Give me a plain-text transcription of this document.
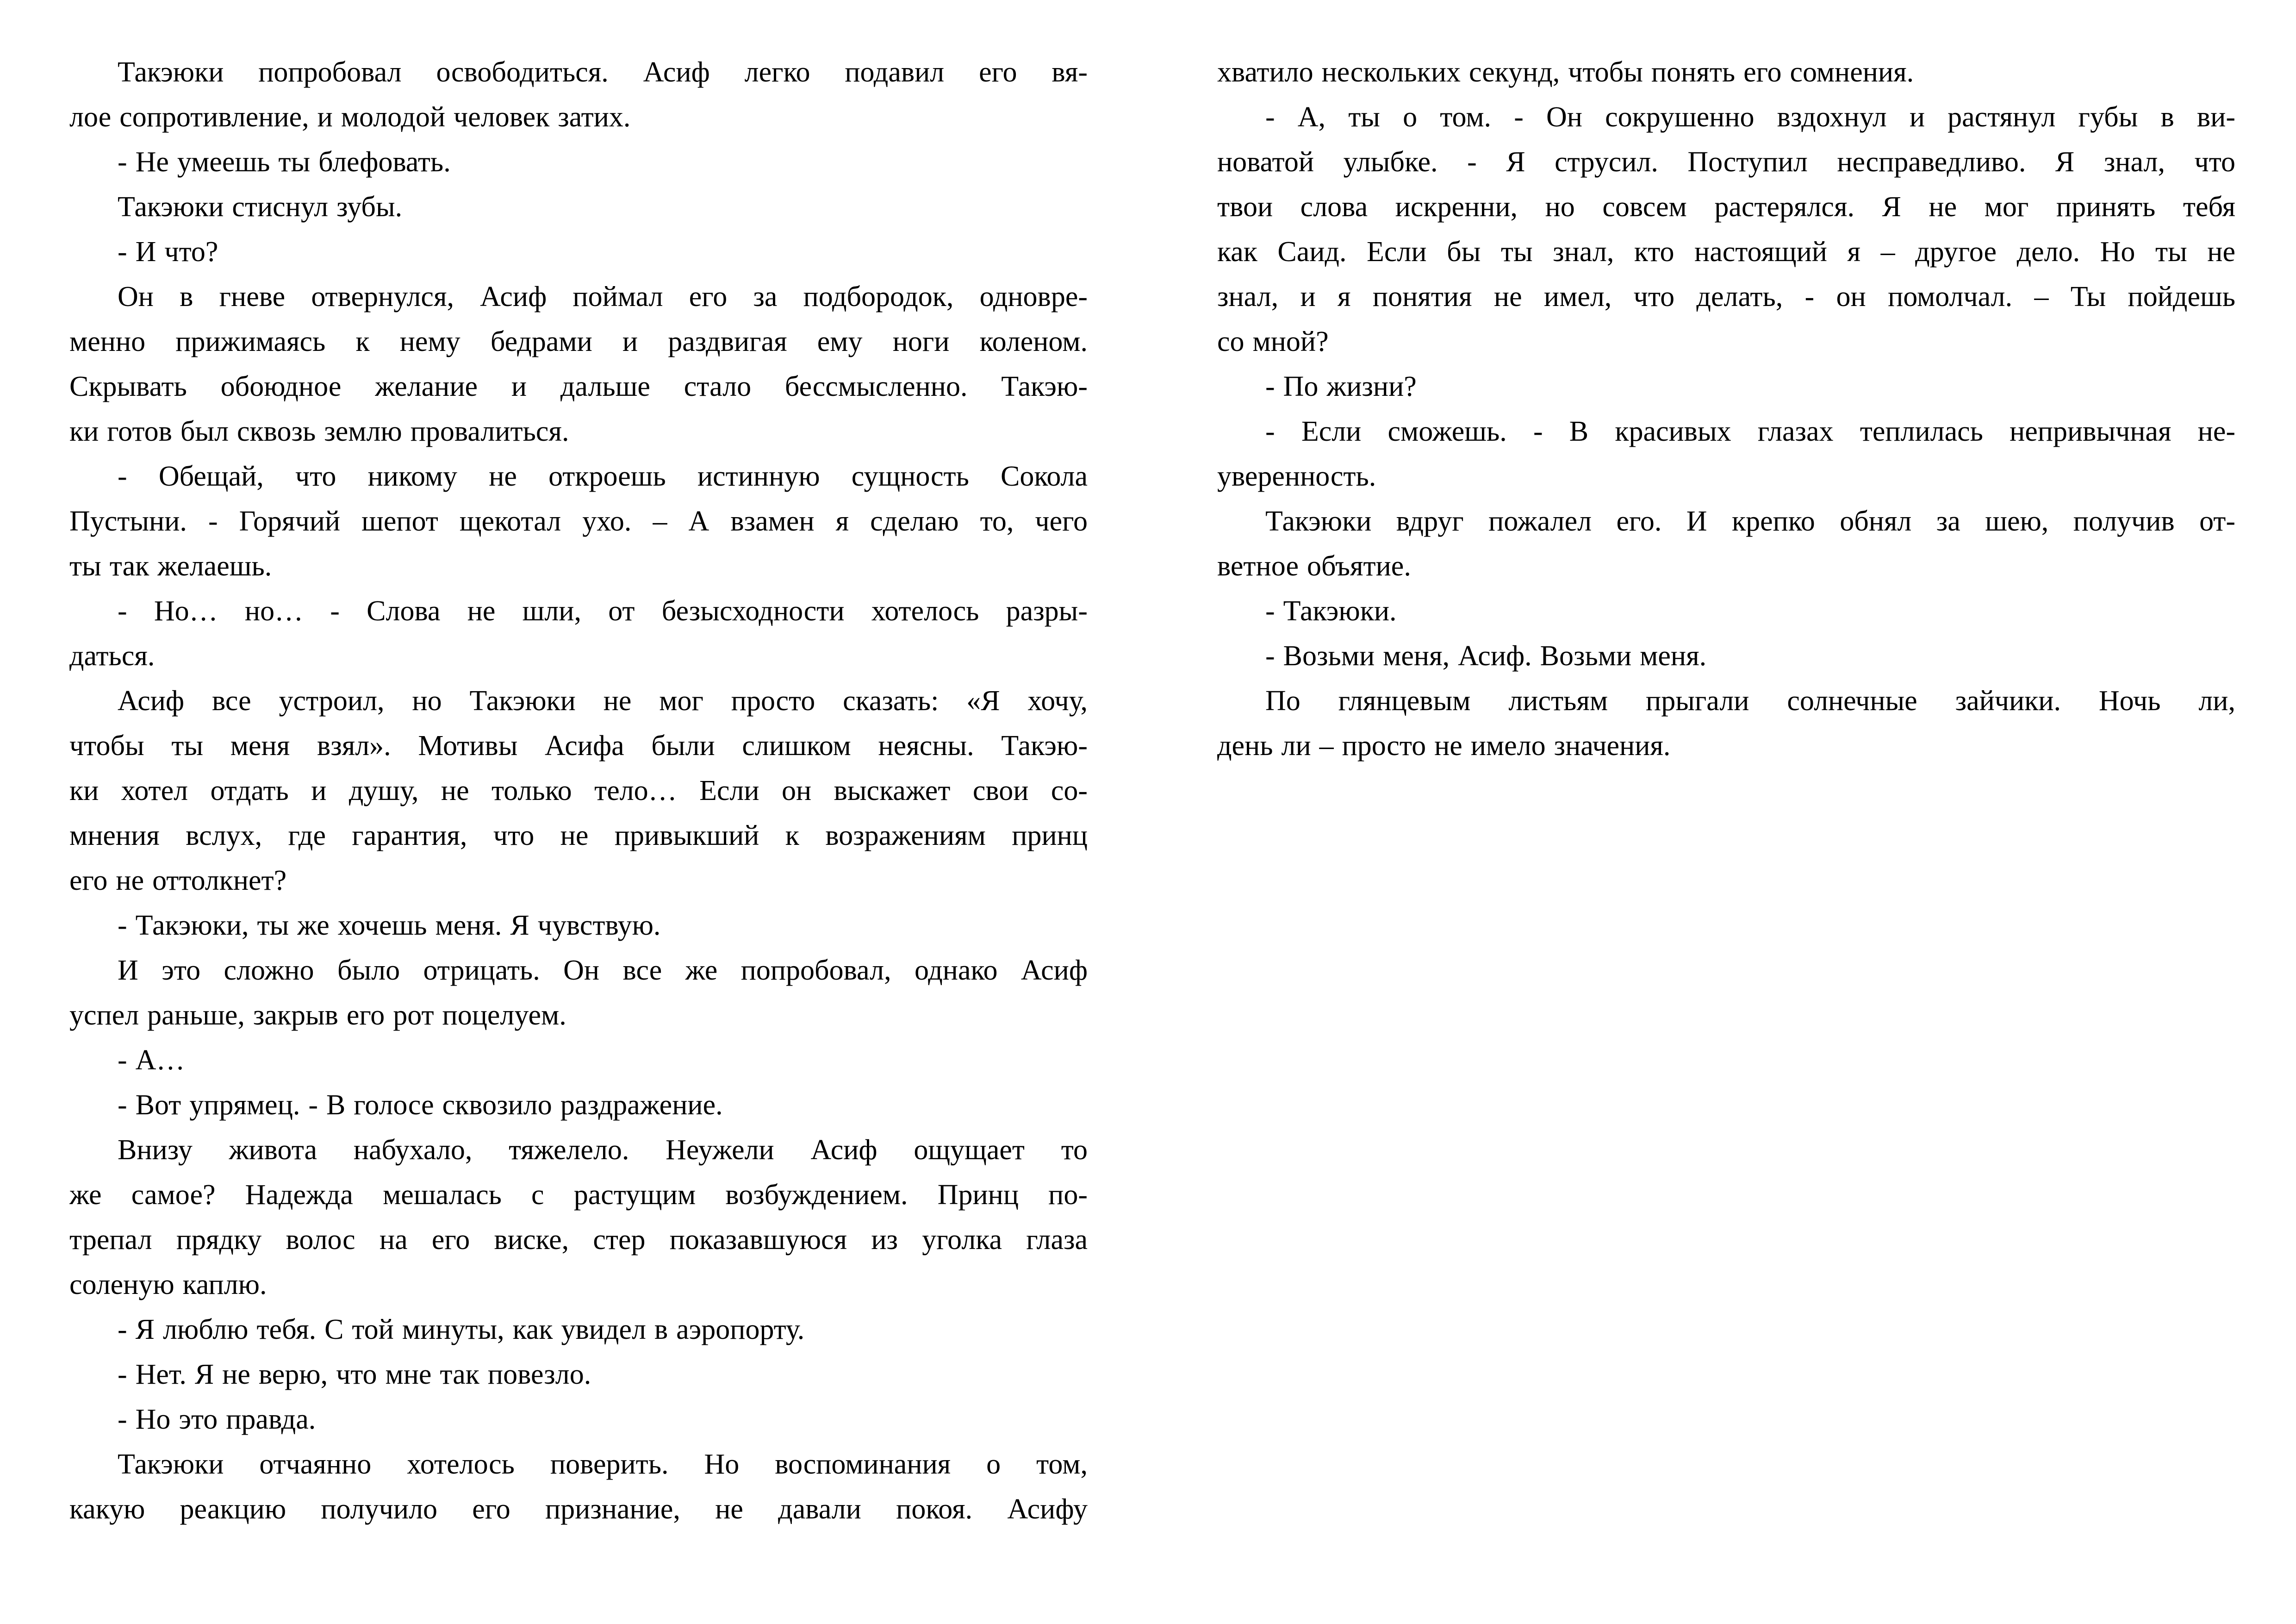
Такэюки попробовал освободиться. Асиф легко подавил его вя-
лое сопротивление, и молодой человек затих.
- Не умеешь ты блефовать.
Такэюки стиснул зубы.
- И что?
Он в гневе отвернулся, Асиф поймал его за подбородок, одновре-
менно прижимаясь к нему бедрами и раздвигая ему ноги коленом.
Скрывать обоюдное желание и дальше стало бессмысленно. Такэю-
ки готов был сквозь землю провалиться.
- Обещай, что никому не откроешь истинную сущность Сокола
Пустыни. - Горячий шепот щекотал ухо. – А взамен я сделаю то, чего
ты так желаешь.
- Но… но… - Слова не шли, от безысходности хотелось разры-
даться.
Асиф все устроил, но Такэюки не мог просто сказать: «Я хочу,
чтобы ты меня взял». Мотивы Асифа были слишком неясны. Такэю-
ки хотел отдать и душу, не только тело… Если он выскажет свои со-
мнения вслух, где гарантия, что не привыкший к возражениям принц
его не оттолкнет?
- Такэюки, ты же хочешь меня. Я чувствую.
И это сложно было отрицать. Он все же попробовал, однако Асиф
успел раньше, закрыв его рот поцелуем.
- А…
- Вот упрямец. - В голосе сквозило раздражение.
Внизу живота набухало, тяжелело. Неужели Асиф ощущает то
же самое? Надежда мешалась с растущим возбуждением. Принц по-
трепал прядку волос на его виске, стер показавшуюся из уголка глаза
соленую каплю.
- Я люблю тебя. С той минуты, как увидел в аэропорту.
- Нет. Я не верю, что мне так повезло.
- Но это правда.
Такэюки отчаянно хотелось поверить. Но воспоминания о том,
какую реакцию получило его признание, не давали покоя. Асифу
хватило нескольких секунд, чтобы понять его сомнения.
- А, ты о том. - Он сокрушенно вздохнул и растянул губы в ви-
новатой улыбке. - Я струсил. Поступил несправедливо. Я знал, что
твои слова искренни, но совсем растерялся. Я не мог принять тебя
как Саид. Если бы ты знал, кто настоящий я – другое дело. Но ты не
знал, и я понятия не имел, что делать, - он помолчал. – Ты пойдешь
со мной?
- По жизни?
- Если сможешь. - В красивых глазах теплилась непривычная не-
уверенность.
Такэюки вдруг пожалел его. И крепко обнял за шею, получив от-
ветное объятие.
- Такэюки.
- Возьми меня, Асиф. Возьми меня.
По глянцевым листьям прыгали солнечные зайчики. Ночь ли,
день ли – просто не имело значения.
